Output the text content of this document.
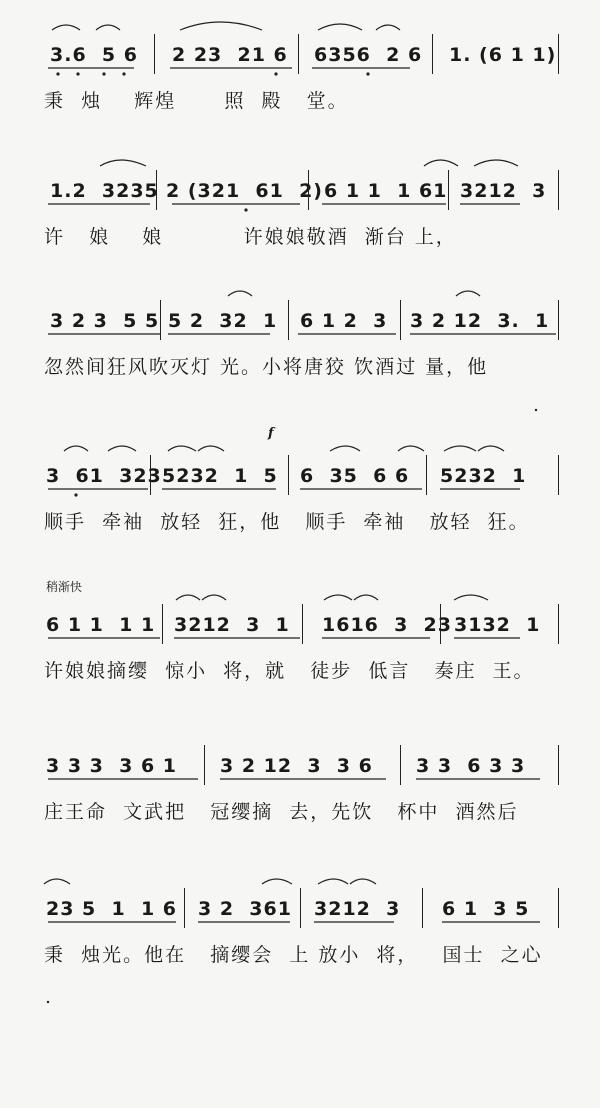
3.6  5 6

2 23  21 6

6356  2 6

1. (6 1 1)

秉  烛    辉煌      照  殿   堂。

1.2  3235

2 (321  61  2)

6 1 1  1 61

3212  3

许   娘    娘          许娘娘敬酒  渐台 上，

3 2 3  5 5

5 2  32  1

6 1 2  3

3 2 12  3.  1

忽然间狂风吹灭灯 光。小将唐狡 饮酒过 量，他
f

3  61  323

5232  1  5

6  35  6 6

5232  1

顺手  牵袖  放轻  狂，他   顺手  牵袖   放轻  狂。
稍渐快

6 1 1  1 1

3212  3  1

1616  3  23

3132  1

许娘娘摘缨  惊小  将，就   徒步  低言   奏庄  王。

3 3 3  3 6 1

3 2 12  3  3 6

3 3  6 3 3

庄王命  文武把   冠缨摘  去，先饮   杯中  酒然后

23 5  1  1 6

3 2  361

3212  3

6 1  3 5

秉  烛光。他在   摘缨会  上 放小  将，   国士  之心
